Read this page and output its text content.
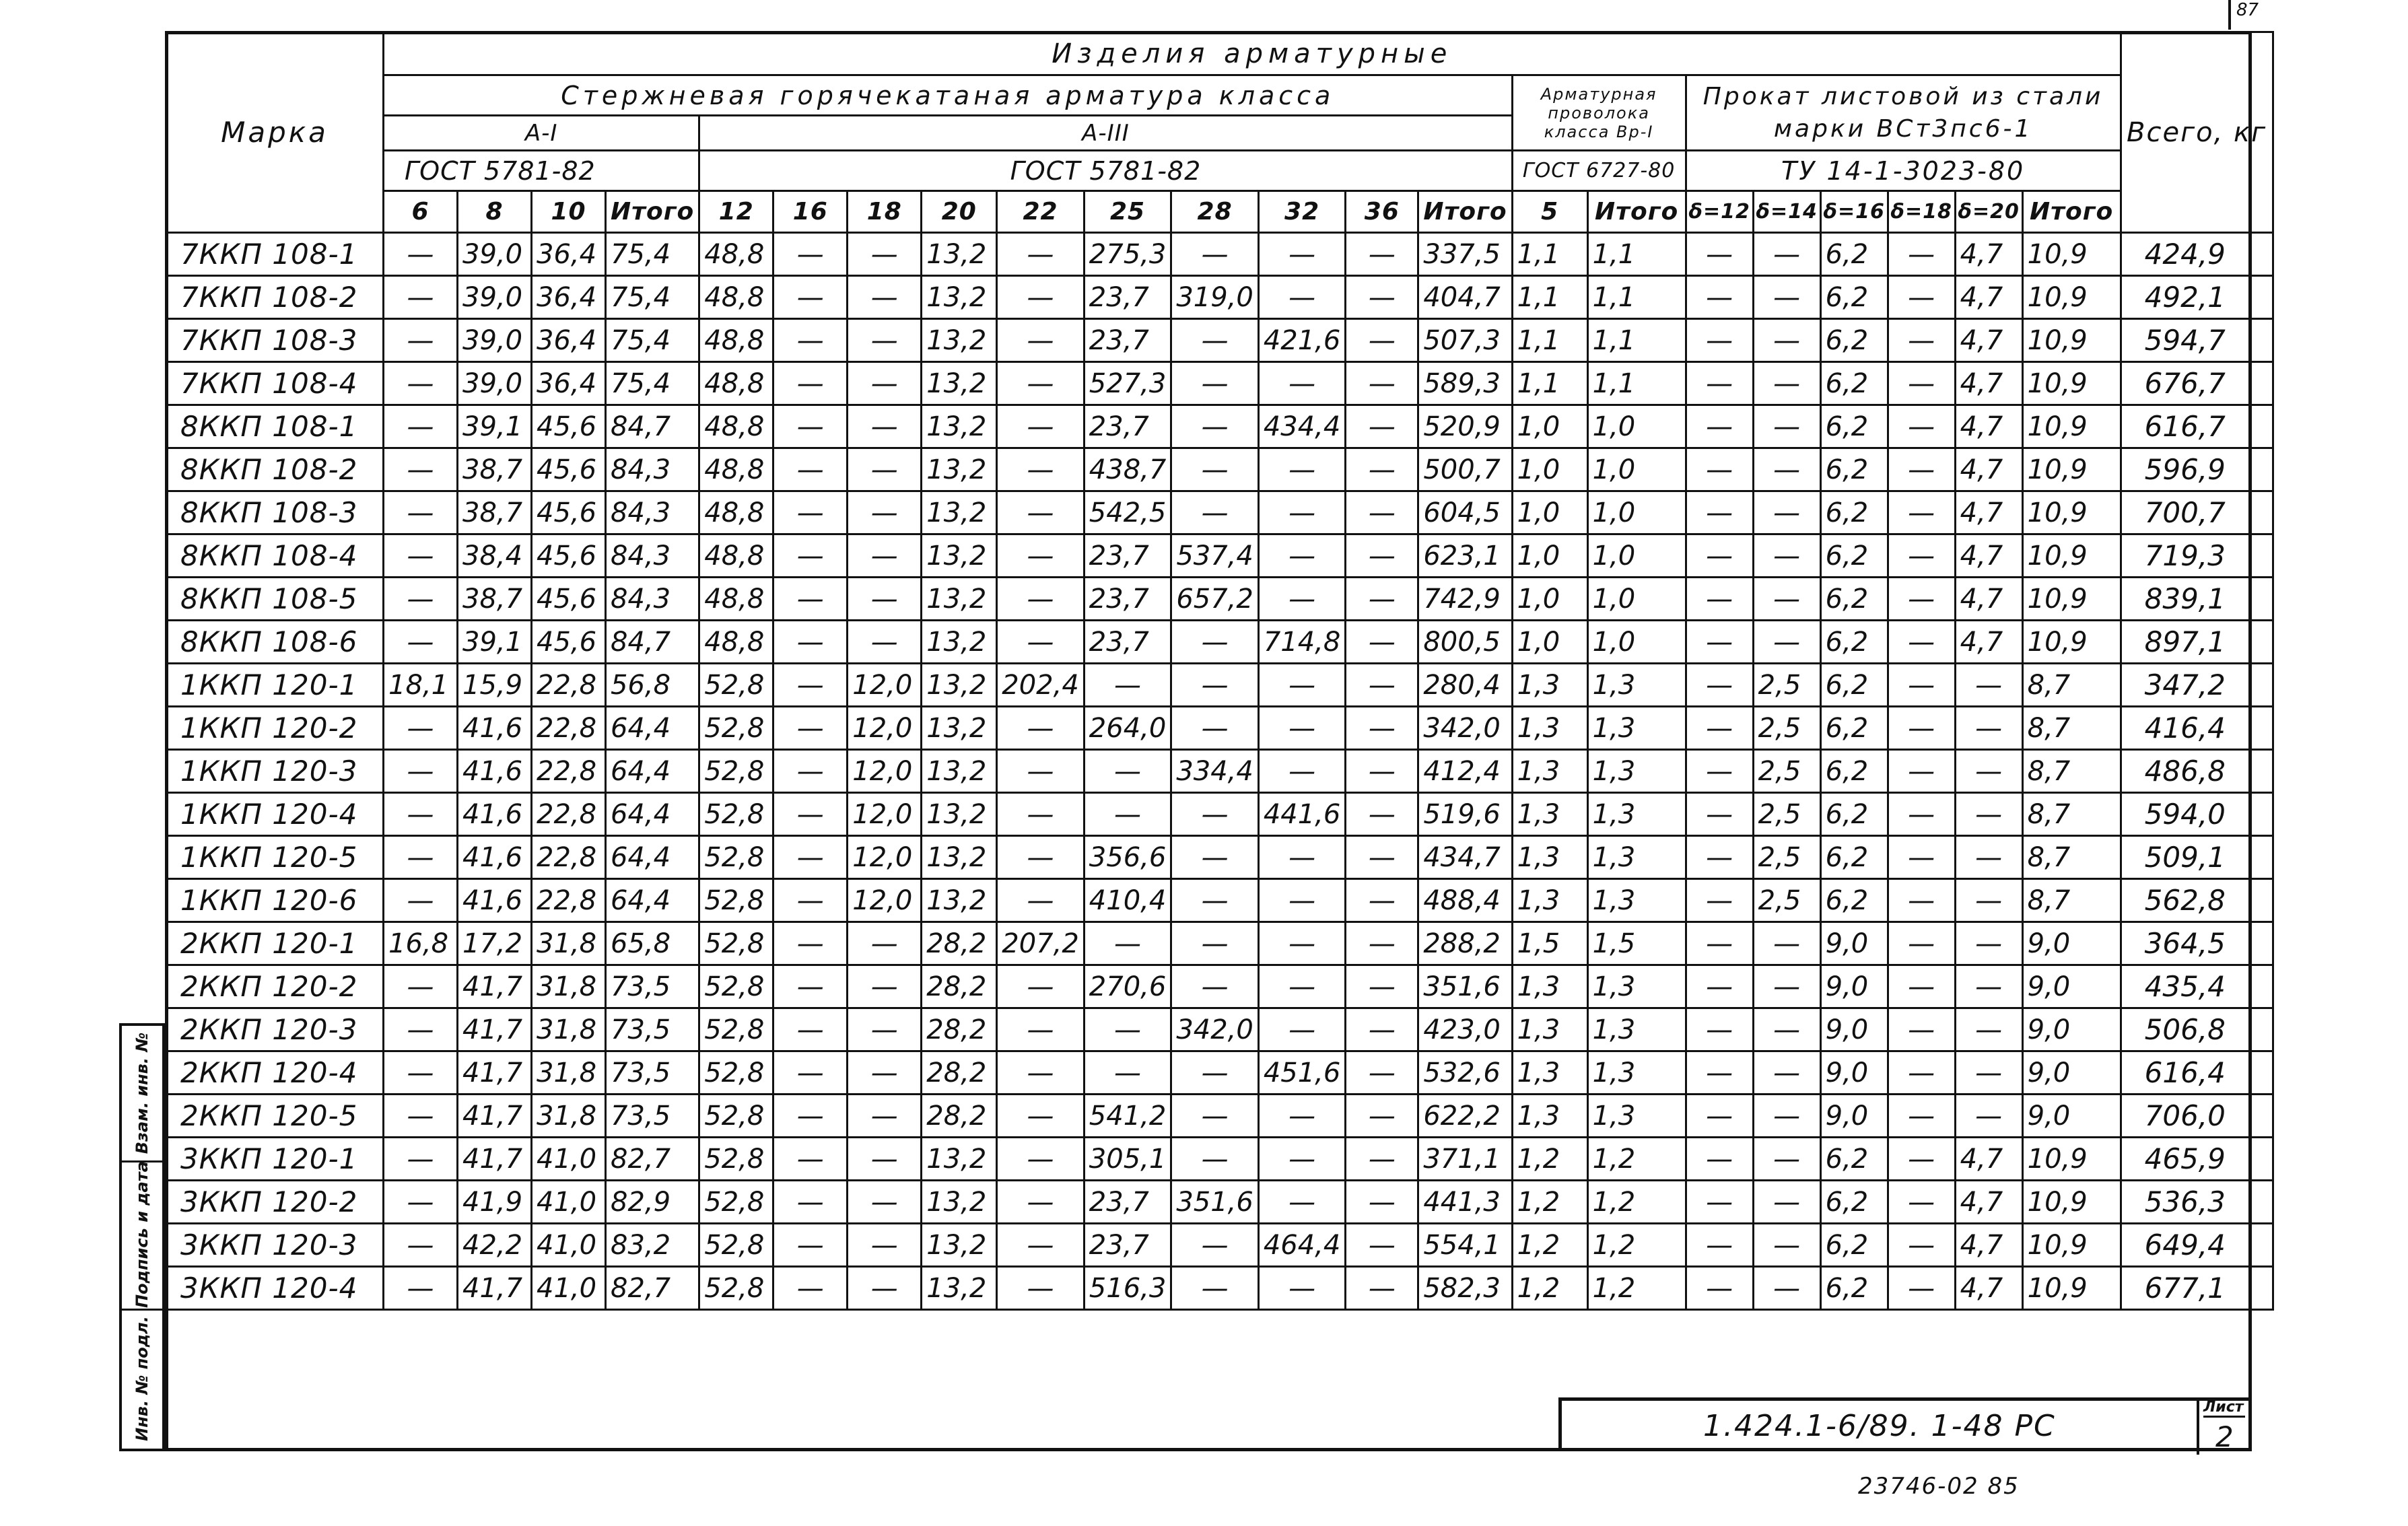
Марка	Изделия арматурные																						Всего, кг
	Стержневая горячекатаная арматура класса														Арматурная проволока класса Вр-I		Прокат листовой из стали марки ВСт3пс6-1						
	А-I				А-III																		
	ГОСТ 5781-82				ГОСТ 5781-82										ГОСТ 6727-80		ТУ 14-1-3023-80						
	6	8	10	Итого	12	16	18	20	22	25	28	32	36	Итого	5	Итого	δ=12	δ=14	δ=16	δ=18	δ=20	Итого	
7ККП 108-1	—	39,0	36,4	75,4	48,8	—	—	13,2	—	275,3	—	—	—	337,5	1,1	1,1	—	—	6,2	—	4,7	10,9	424,9
7ККП 108-2	—	39,0	36,4	75,4	48,8	—	—	13,2	—	23,7	319,0	—	—	404,7	1,1	1,1	—	—	6,2	—	4,7	10,9	492,1
7ККП 108-3	—	39,0	36,4	75,4	48,8	—	—	13,2	—	23,7	—	421,6	—	507,3	1,1	1,1	—	—	6,2	—	4,7	10,9	594,7
7ККП 108-4	—	39,0	36,4	75,4	48,8	—	—	13,2	—	527,3	—	—	—	589,3	1,1	1,1	—	—	6,2	—	4,7	10,9	676,7
8ККП 108-1	—	39,1	45,6	84,7	48,8	—	—	13,2	—	23,7	—	434,4	—	520,9	1,0	1,0	—	—	6,2	—	4,7	10,9	616,7
8ККП 108-2	—	38,7	45,6	84,3	48,8	—	—	13,2	—	438,7	—	—	—	500,7	1,0	1,0	—	—	6,2	—	4,7	10,9	596,9
8ККП 108-3	—	38,7	45,6	84,3	48,8	—	—	13,2	—	542,5	—	—	—	604,5	1,0	1,0	—	—	6,2	—	4,7	10,9	700,7
8ККП 108-4	—	38,4	45,6	84,3	48,8	—	—	13,2	—	23,7	537,4	—	—	623,1	1,0	1,0	—	—	6,2	—	4,7	10,9	719,3
8ККП 108-5	—	38,7	45,6	84,3	48,8	—	—	13,2	—	23,7	657,2	—	—	742,9	1,0	1,0	—	—	6,2	—	4,7	10,9	839,1
8ККП 108-6	—	39,1	45,6	84,7	48,8	—	—	13,2	—	23,7	—	714,8	—	800,5	1,0	1,0	—	—	6,2	—	4,7	10,9	897,1
1ККП 120-1	18,1	15,9	22,8	56,8	52,8	—	12,0	13,2	202,4	—	—	—	—	280,4	1,3	1,3	—	2,5	6,2	—	—	8,7	347,2
1ККП 120-2	—	41,6	22,8	64,4	52,8	—	12,0	13,2	—	264,0	—	—	—	342,0	1,3	1,3	—	2,5	6,2	—	—	8,7	416,4
1ККП 120-3	—	41,6	22,8	64,4	52,8	—	12,0	13,2	—	—	334,4	—	—	412,4	1,3	1,3	—	2,5	6,2	—	—	8,7	486,8
1ККП 120-4	—	41,6	22,8	64,4	52,8	—	12,0	13,2	—	—	—	441,6	—	519,6	1,3	1,3	—	2,5	6,2	—	—	8,7	594,0
1ККП 120-5	—	41,6	22,8	64,4	52,8	—	12,0	13,2	—	356,6	—	—	—	434,7	1,3	1,3	—	2,5	6,2	—	—	8,7	509,1
1ККП 120-6	—	41,6	22,8	64,4	52,8	—	12,0	13,2	—	410,4	—	—	—	488,4	1,3	1,3	—	2,5	6,2	—	—	8,7	562,8
2ККП 120-1	16,8	17,2	31,8	65,8	52,8	—	—	28,2	207,2	—	—	—	—	288,2	1,5	1,5	—	—	9,0	—	—	9,0	364,5
2ККП 120-2	—	41,7	31,8	73,5	52,8	—	—	28,2	—	270,6	—	—	—	351,6	1,3	1,3	—	—	9,0	—	—	9,0	435,4
2ККП 120-3	—	41,7	31,8	73,5	52,8	—	—	28,2	—	—	342,0	—	—	423,0	1,3	1,3	—	—	9,0	—	—	9,0	506,8
2ККП 120-4	—	41,7	31,8	73,5	52,8	—	—	28,2	—	—	—	451,6	—	532,6	1,3	1,3	—	—	9,0	—	—	9,0	616,4
2ККП 120-5	—	41,7	31,8	73,5	52,8	—	—	28,2	—	541,2	—	—	—	622,2	1,3	1,3	—	—	9,0	—	—	9,0	706,0
3ККП 120-1	—	41,7	41,0	82,7	52,8	—	—	13,2	—	305,1	—	—	—	371,1	1,2	1,2	—	—	6,2	—	4,7	10,9	465,9
3ККП 120-2	—	41,9	41,0	82,9	52,8	—	—	13,2	—	23,7	351,6	—	—	441,3	1,2	1,2	—	—	6,2	—	4,7	10,9	536,3
3ККП 120-3	—	42,2	41,0	83,2	52,8	—	—	13,2	—	23,7	—	464,4	—	554,1	1,2	1,2	—	—	6,2	—	4,7	10,9	649,4
3ККП 120-4	—	41,7	41,0	82,7	52,8	—	—	13,2	—	516,3	—	—	—	582,3	1,2	1,2	—	—	6,2	—	4,7	10,9	677,1
Взам. инв. №
Подпись и дата
Инв. № подл.	1.424.1-6/89. 1-48 РС
Лист
2
87
23746-02 85
